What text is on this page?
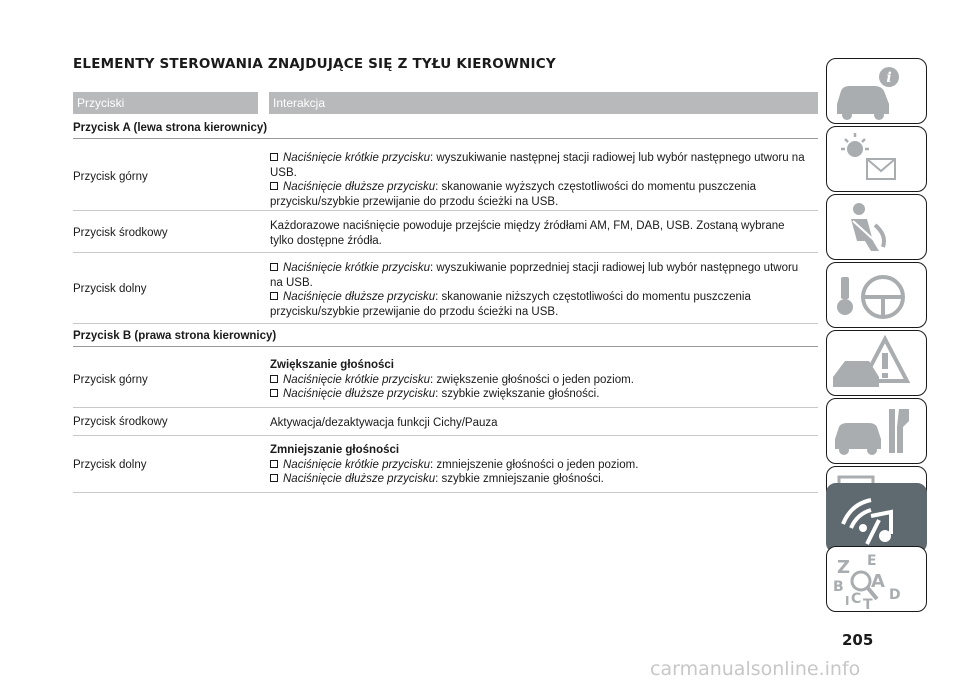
ELEMENTY STEROWANIA ZNAJDUJĄCE SIĘ Z TYŁU KIEROWNICY
Przyciski	Interakcja
Przycisk A (lewa strona kierownicy)
Przycisk górny
Naciśnięcie krótkie przycisku: wyszukiwanie następnej stacji radiowej lub wybór następnego utworu na
USB.
Naciśnięcie dłuższe przycisku: skanowanie wyższych częstotliwości do momentu puszczenia
przycisku/szybkie przewijanie do przodu ścieżki na USB.
Przycisk środkowy
Każdorazowe naciśnięcie powoduje przejście między źródłami AM, FM, DAB, USB. Zostaną wybrane
tylko dostępne źródła.
Przycisk dolny
Naciśnięcie krótkie przycisku: wyszukiwanie poprzedniej stacji radiowej lub wybór następnego utworu
na USB.
Naciśnięcie dłuższe przycisku: skanowanie niższych częstotliwości do momentu puszczenia
przycisku/szybkie przewijanie do przodu ścieżki na USB.
Przycisk B (prawa strona kierownicy)
Przycisk górny
Zwiększanie głośności
Naciśnięcie krótkie przycisku: zwiększenie głośności o jeden poziom.
Naciśnięcie dłuższe przycisku: szybkie zwiększanie głośności.
Przycisk środkowy	Aktywacja/dezaktywacja funkcji Cichy/Pauza
Przycisk dolny
Zmniejszanie głośności
Naciśnięcie krótkie przycisku: zmniejszenie głośności o jeden poziom.
Naciśnięcie dłuższe przycisku: szybkie zmniejszanie głośności.
i
Z E
A
B
C D
T
I
205
carmanualsonline.info
